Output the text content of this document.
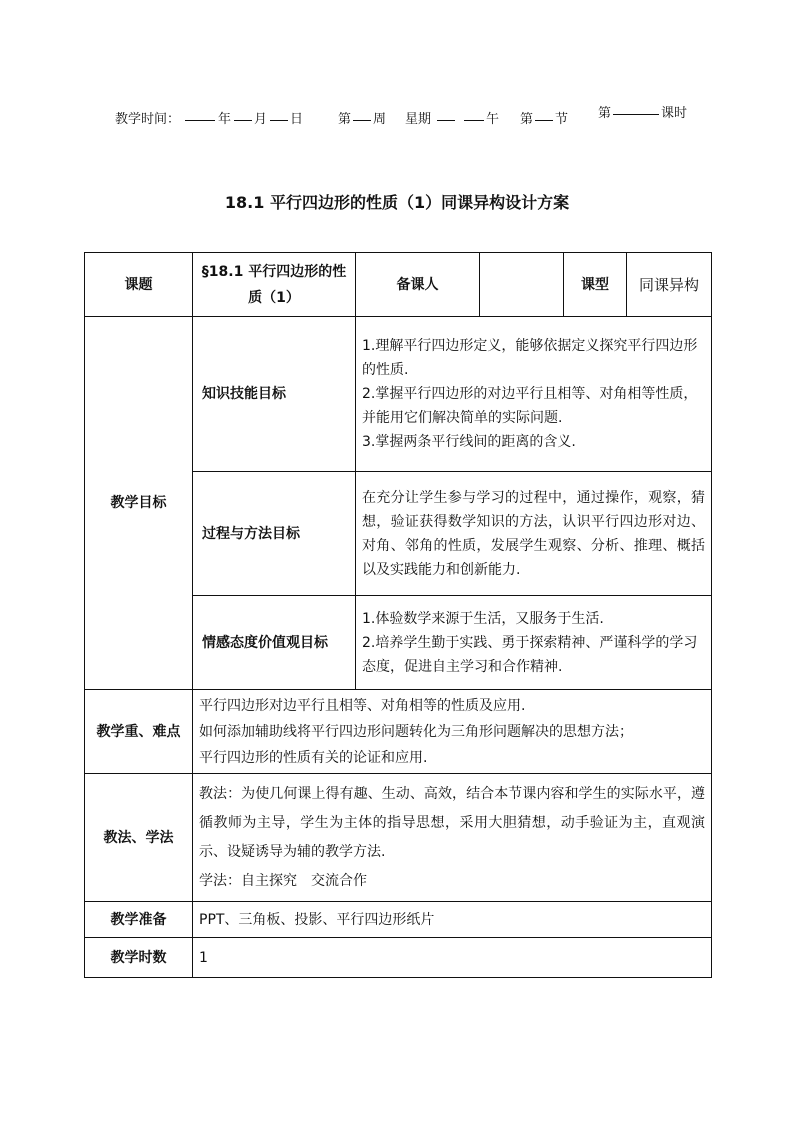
教学时间：	年 月 日	第 周 星期	午 第 节 第	课时
18.1 平行四边形的性质（1）同课异构设计方案
课题	§18.1 平行四边形的性质（1）	备课人		课型	同课异构
教学目标	知识技能目标	1.理解平行四边形定义，能够依据定义探究平行四边形的性质.

2.掌握平行四边形的对边平行且相等、对角相等性质，并能用它们解决简单的实际问题.

3.掌握两条平行线间的距离的含义.			

	过程与方法目标	在充分让学生参与学习的过程中，通过操作，观察，猜想，验证获得数学知识的方法，认识平行四边形对边、对角、邻角的性质，发展学生观察、分析、推理、概括以及实践能力和创新能力.			
	情感态度价值观目标	1.体验数学来源于生活，又服务于生活.

2.培养学生勤于实践、勇于探索精神、严谨科学的学习态度，促进自主学习和合作精神.			

教学重、难点	平行四边形对边平行且相等、对角相等的性质及应用.
如何添加辅助线将平行四边形问题转化为三角形问题解决的思想方法；
平行四边形的性质有关的论证和应用.				

教法、学法	教法：为使几何课上得有趣、生动、高效，结合本节课内容和学生的实际水平，遵循教师为主导，学生为主体的指导思想，采用大胆猜想，动手验证为主，直观演示、设疑诱导为辅的教学方法.
学法：自主探究　交流合作				

教学准备	PPT、三角板、投影、平行四边形纸片				
教学时数	1				
